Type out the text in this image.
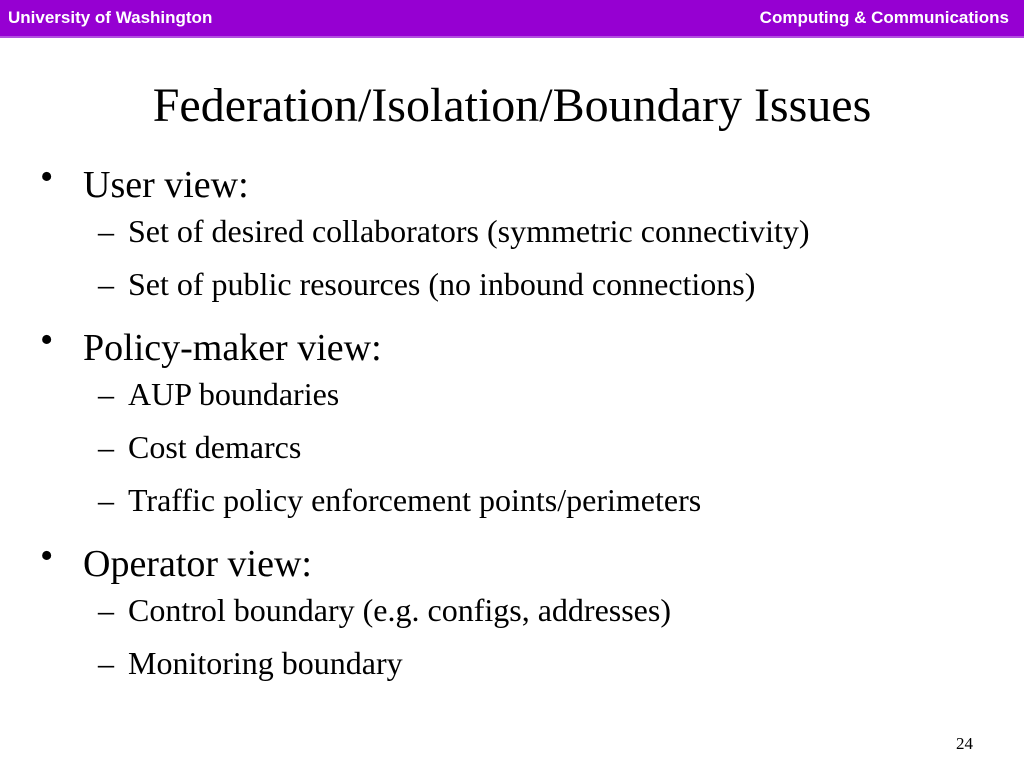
University of Washington	Computing & Communications
Federation/Isolation/Boundary Issues
• User view:
– Set of desired collaborators (symmetric connectivity)
– Set of public resources (no inbound connections)
• Policy-maker view:
– AUP boundaries
– Cost demarcs
– Traffic policy enforcement points/perimeters
• Operator view:
– Control boundary (e.g. configs, addresses)
– Monitoring boundary
24
